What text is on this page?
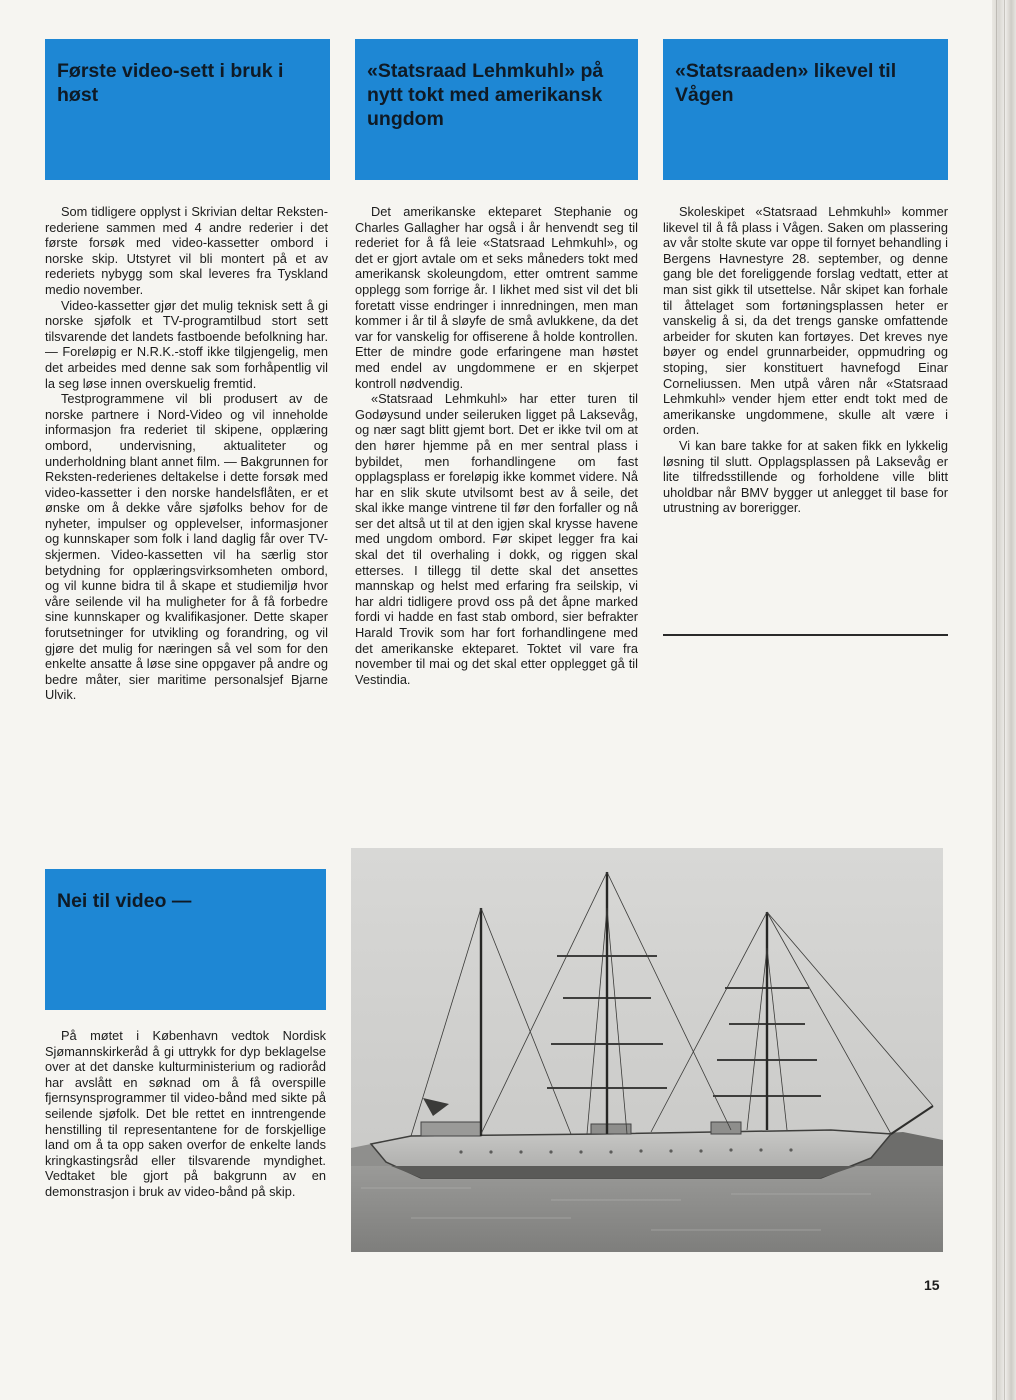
Første video-sett i bruk i høst

Som tidligere opplyst i Skrivian deltar Reksten-rederiene sammen med 4 andre rederier i det første forsøk med video-kassetter ombord i norske skip. Utstyret vil bli montert på et av rederiets nybygg som skal leveres fra Tyskland medio november.

Video-kassetter gjør det mulig teknisk sett å gi norske sjøfolk et TV-programtilbud stort sett tilsvarende det landets fastboende befolkning har. — Foreløpig er N.R.K.-stoff ikke tilgjengelig, men det arbeides med denne sak som forhåpentlig vil la seg løse innen overskuelig fremtid.

Testprogrammene vil bli produsert av de norske partnere i Nord-Video og vil inneholde informasjon fra rederiet til skipene, opplæring ombord, undervisning, aktualiteter og underholdning blant annet film. — Bakgrunnen for Reksten-rederienes deltakelse i dette forsøk med video-kassetter i den norske handelsflåten, er et ønske om å dekke våre sjøfolks behov for de nyheter, impulser og opplevelser, informasjoner og kunnskaper som folk i land daglig får over TV-skjermen. Video-kassetten vil ha særlig stor betydning for opplæringsvirksomheten ombord, og vil kunne bidra til å skape et studiemiljø hvor våre seilende vil ha muligheter for å få forbedre sine kunnskaper og kvalifikasjoner. Dette skaper forutsetninger for utvikling og forandring, og vil gjøre det mulig for næringen så vel som for den enkelte ansatte å løse sine oppgaver på andre og bedre måter, sier maritime personalsjef Bjarne Ulvik.

«Statsraad Lehmkuhl» på nytt tokt med amerikansk ungdom

Det amerikanske ekteparet Stephanie og Charles Gallagher har også i år henvendt seg til rederiet for å få leie «Statsraad Lehmkuhl», og det er gjort avtale om et seks måneders tokt med amerikansk skoleungdom, etter omtrent samme opplegg som forrige år. I likhet med sist vil det bli foretatt visse endringer i innredningen, men man kommer i år til å sløyfe de små avlukkene, da det var for vanskelig for offiserene å holde kontrollen. Etter de mindre gode erfaringene man høstet med endel av ungdommene er en skjerpet kontroll nødvendig.

«Statsraad Lehmkuhl» har etter turen til Godøysund under seileruken ligget på Laksevåg, og nær sagt blitt gjemt bort. Det er ikke tvil om at den hører hjemme på en mer sentral plass i bybildet, men forhandlingene om fast opplagsplass er foreløpig ikke kommet videre. Nå har en slik skute utvilsomt best av å seile, det skal ikke mange vintrene til før den forfaller og nå ser det altså ut til at den igjen skal krysse havene med ungdom ombord. Før skipet legger fra kai skal det til overhaling i dokk, og riggen skal etterses. I tillegg til dette skal det ansettes mannskap og helst med erfaring fra seilskip, vi har aldri tidligere provd oss på det åpne marked fordi vi hadde en fast stab ombord, sier befrakter Harald Trovik som har fort forhandlingene med det amerikanske ekteparet. Toktet vil vare fra november til mai og det skal etter opplegget gå til Vestindia.

«Statsraaden» likevel til Vågen

Skoleskipet «Statsraad Lehmkuhl» kommer likevel til å få plass i Vågen. Saken om plassering av vår stolte skute var oppe til fornyet behandling i Bergens Havnestyre 28. september, og denne gang ble det foreliggende forslag vedtatt, etter at man sist gikk til utsettelse. Når skipet kan forhale til åttelaget som fortøningsplassen heter er vanskelig å si, da det trengs ganske omfattende arbeider for skuten kan fortøyes. Det kreves nye bøyer og endel grunnarbeider, oppmudring og stoping, sier konstituert havnefogd Einar Corneliussen. Men utpå våren når «Statsraad Lehmkuhl» vender hjem etter endt tokt med de amerikanske ungdommene, skulle alt være i orden.

Vi kan bare takke for at saken fikk en lykkelig løsning til slutt. Opplagsplassen på Laksevåg er lite tilfredsstillende og forholdene ville blitt uholdbar når BMV bygger ut anlegget til base for utrustning av borerigger.

Nei til video —

På møtet i København vedtok Nordisk Sjømannskirkeråd å gi uttrykk for dyp beklagelse over at det danske kulturministerium og radioråd har avslått en søknad om å få overspille fjernsynsprogrammer til video-bånd med sikte på seilende sjøfolk. Det ble rettet en inntrengende henstilling til representantene for de forskjellige land om å ta opp saken overfor de enkelte lands kringkastingsråd eller tilsvarende myndighet. Vedtaket ble gjort på bakgrunn av en demonstrasjon i bruk av video-bånd på skip.

15
